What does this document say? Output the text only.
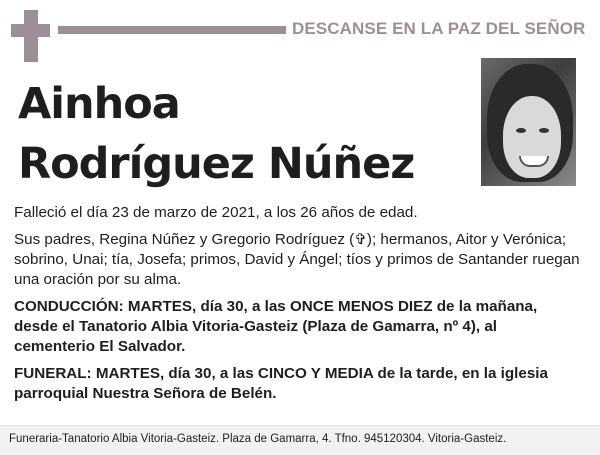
DESCANSE EN LA PAZ DEL SEÑOR
Ainhoa
Rodríguez Núñez

Falleció el día 23 de marzo de 2021, a los 26 años de edad.

Sus padres, Regina Núñez y Gregorio Rodríguez (✞); hermanos, Aitor y Verónica; sobrino, Unai; tía, Josefa; primos, David y Ángel; tíos y primos de Santander ruegan una oración por su alma.

CONDUCCIÓN: MARTES, día 30, a las ONCE MENOS DIEZ de la mañana, desde el Tanatorio Albia Vitoria-Gasteiz (Plaza de Gamarra, nº 4), al cementerio El Salvador.

FUNERAL: MARTES, día 30, a las CINCO Y MEDIA de la tarde, en la iglesia parroquial Nuestra Señora de Belén.

Funeraria-Tanatorio Albia Vitoria-Gasteiz. Plaza de Gamarra, 4. Tfno. 945120304. Vitoria-Gasteiz.
